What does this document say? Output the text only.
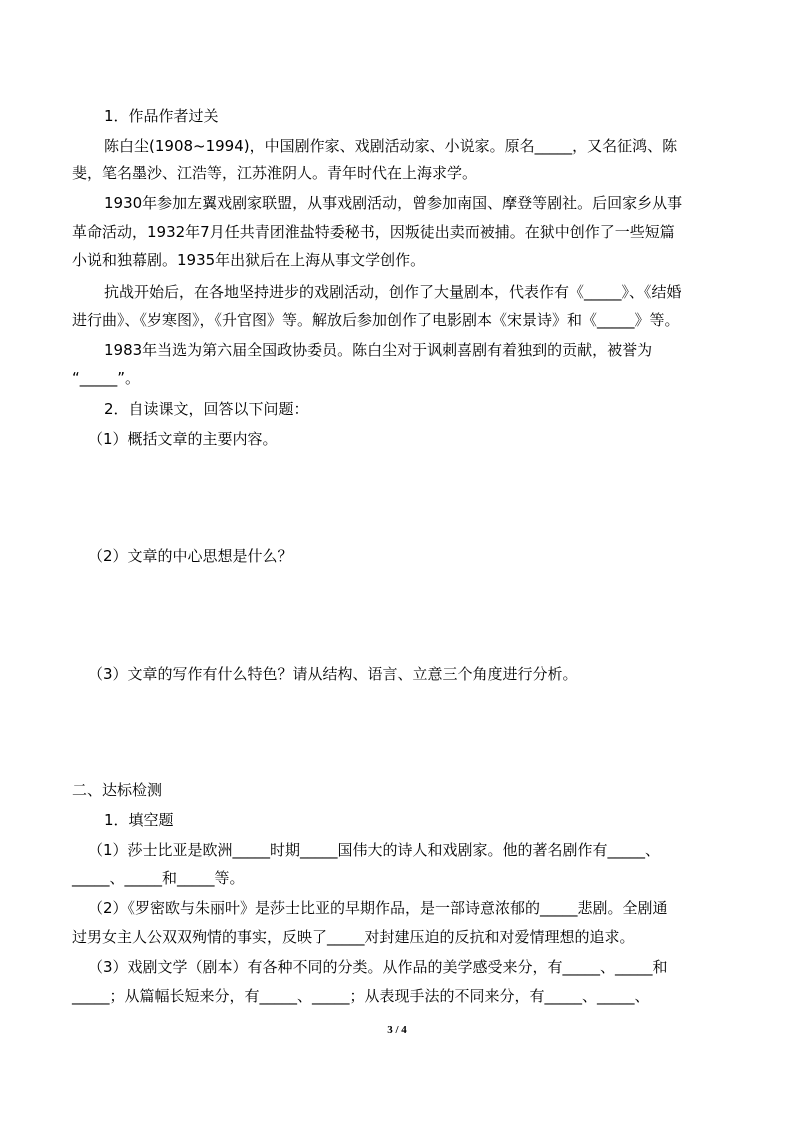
1．作品作者过关
陈白尘(1908~1994)，中国剧作家、戏剧活动家、小说家。原名_____，又名征鸿、陈
斐，笔名墨沙、江浩等，江苏淮阴人。青年时代在上海求学。
1930年参加左翼戏剧家联盟，从事戏剧活动，曾参加南国、摩登等剧社。后回家乡从事
革命活动，1932年7月任共青团淮盐特委秘书，因叛徒出卖而被捕。在狱中创作了一些短篇
小说和独幕剧。1935年出狱后在上海从事文学创作。
抗战开始后，在各地坚持进步的戏剧活动，创作了大量剧本，代表作有《_____》、《结婚
进行曲》、《岁寒图》，《升官图》等。解放后参加创作了电影剧本《宋景诗》和《_____》等。
1983年当选为第六届全国政协委员。陈白尘对于讽刺喜剧有着独到的贡献，被誉为
“_____”。
2．自读课文，回答以下问题：
（1）概括文章的主要内容。
（2）文章的中心思想是什么？
（3）文章的写作有什么特色？请从结构、语言、立意三个角度进行分析。
二、达标检测
1．填空题
（1）莎士比亚是欧洲_____时期_____国伟大的诗人和戏剧家。他的著名剧作有_____、
_____、_____和_____等。
（2）《罗密欧与朱丽叶》是莎士比亚的早期作品，是一部诗意浓郁的_____悲剧。全剧通
过男女主人公双双殉情的事实，反映了_____对封建压迫的反抗和对爱情理想的追求。
（3）戏剧文学（剧本）有各种不同的分类。从作品的美学感受来分，有_____、_____和
_____；从篇幅长短来分，有_____、_____；从表现手法的不同来分，有_____、_____、
3 / 4
